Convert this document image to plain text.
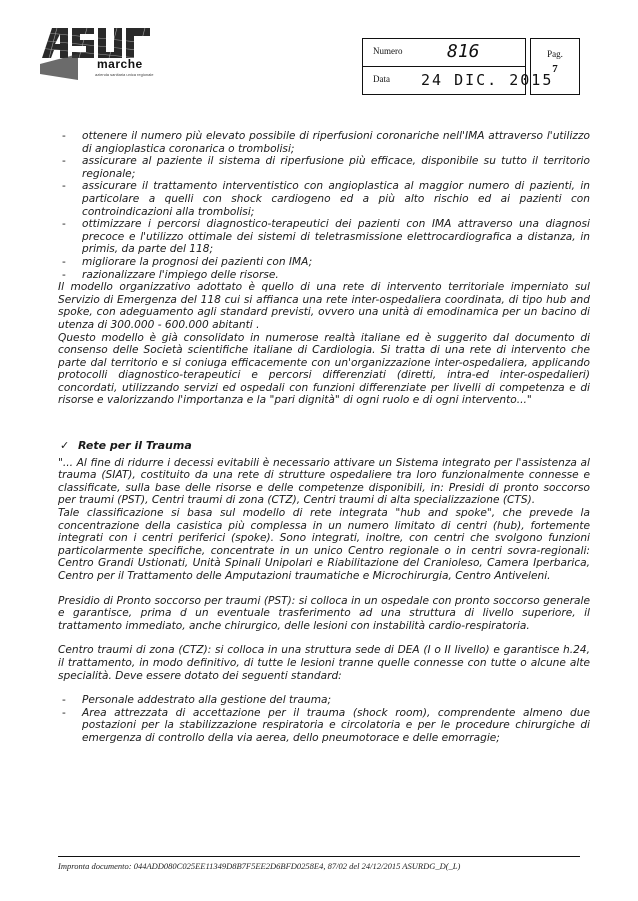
marche
azienda sanitaria unica regionale
Numero 816
Data 24 DIC. 2015
Pag.
7
- ottenere il numero più elevato possibile di riperfusioni coronariche nell'IMA attraverso l'utilizzo di angioplastica coronarica o trombolisi;
- assicurare al paziente il sistema di riperfusione più efficace, disponibile su tutto il territorio regionale;
- assicurare il trattamento interventistico con angioplastica al maggior numero di pazienti, in particolare a quelli con shock cardiogeno ed a più alto rischio ed ai pazienti con controindicazioni alla trombolisi;
- ottimizzare i percorsi diagnostico-terapeutici dei pazienti con IMA attraverso una diagnosi precoce e l'utilizzo ottimale dei sistemi di teletrasmissione elettrocardiografica a distanza, in primis, da parte del 118;
- migliorare la prognosi dei pazienti con IMA;
- razionalizzare l'impiego delle risorse.

Il modello organizzativo adottato è quello di una rete di intervento territoriale imperniato sul Servizio di Emergenza del 118 cui si affianca una rete inter-ospedaliera coordinata, di tipo hub and spoke, con adeguamento agli standard previsti, ovvero una unità di emodinamica per un bacino di utenza di 300.000 - 600.000 abitanti .

Questo modello è già consolidato in numerose realtà italiane ed è suggerito dal documento di consenso delle Società scientifiche italiane di Cardiologia. Si tratta di una rete di intervento che parte dal territorio e si coniuga efficacemente con un'organizzazione inter-ospedaliera, applicando protocolli diagnostico-terapeutici e percorsi differenziati (diretti, intra-ed inter-ospedalieri) concordati, utilizzando servizi ed ospedali con funzioni differenziate per livelli di competenza e di risorse e valorizzando l'importanza e la "pari dignità" di ogni ruolo e di ogni intervento..."

✓ Rete per il Trauma

"... Al fine di ridurre i decessi evitabili è necessario attivare un Sistema integrato per l'assistenza al trauma (SIAT), costituito da una rete di strutture ospedaliere tra loro funzionalmente connesse e classificate, sulla base delle risorse e delle competenze disponibili, in: Presidi di pronto soccorso per traumi (PST), Centri traumi di zona (CTZ), Centri traumi di alta specializzazione (CTS).

Tale classificazione si basa sul modello di rete integrata "hub and spoke", che prevede la concentrazione della casistica più complessa in un numero limitato di centri (hub), fortemente integrati con i centri periferici (spoke). Sono integrati, inoltre, con centri che svolgono funzioni particolarmente specifiche, concentrate in un unico Centro regionale o in centri sovra-regionali: Centro Grandi Ustionati, Unità Spinali Unipolari e Riabilitazione del Cranioleso, Camera Iperbarica, Centro per il Trattamento delle Amputazioni traumatiche e Microchirurgia, Centro Antiveleni.

Presidio di Pronto soccorso per traumi (PST): si colloca in un ospedale con pronto soccorso generale e garantisce, prima d un eventuale trasferimento ad una struttura di livello superiore, il trattamento immediato, anche chirurgico, delle lesioni con instabilità cardio-respiratoria.

Centro traumi di zona (CTZ): si colloca in una struttura sede di DEA (I o II livello) e garantisce h.24, il trattamento, in modo definitivo, di tutte le lesioni tranne quelle connesse con tutte o alcune alte specialità. Deve essere dotato dei seguenti standard:

- Personale addestrato alla gestione del trauma;
- Area attrezzata di accettazione per il trauma (shock room), comprendente almeno due postazioni per la stabilizzazione respiratoria e circolatoria e per le procedure chirurgiche di emergenza di controllo della via aerea, dello pneumotorace e delle emorragie;
Impronta documento: 044ADD080C025EE11349D8B7F5EE2D6BFD0258E4, 87/02 del 24/12/2015 ASURDG_D(_L)
